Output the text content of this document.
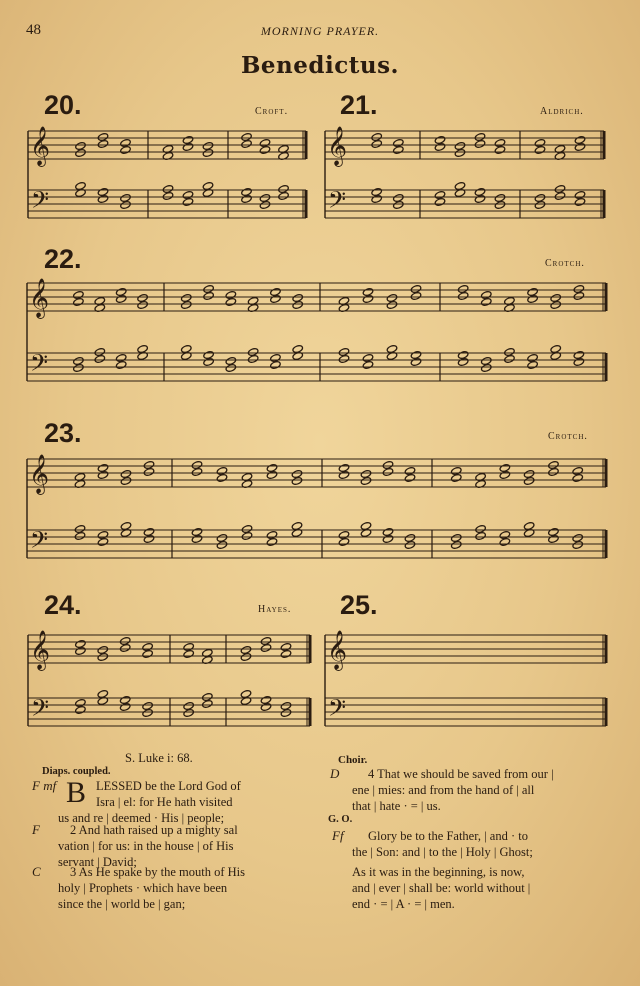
48	MORNING PRAYER.
Benedictus.
20.	Croft. 21.	Aldrich.
22.	Crotch.
23.	Crotch.
24.	Hayes. 25.
𝄞
𝄢
𝄞
𝄢
𝄞
𝄢
𝄞
𝄢
𝄞
𝄢
𝄞
𝄢
S. Luke i: 68.
Diaps. coupled.
Choir.
F mf B LESSED be the Lord God of
Isra | el: for He hath visited
us and re | deemed · His | people;
F 2 And hath raised up a mighty sal
vation | for us: in the house | of His
servant | David;
C 3 As He spake by the mouth of His
holy | Prophets · which have been
since the | world be | gan;
D 4 That we should be saved from our |
ene | mies: and from the hand of | all
that | hate · = | us.
G. O.
Ff Glory be to the Father, | and · to
the | Son: and | to the | Holy | Ghost;
As it was in the beginning, is now,
and | ever | shall be: world without |
end · = | A · = | men.
